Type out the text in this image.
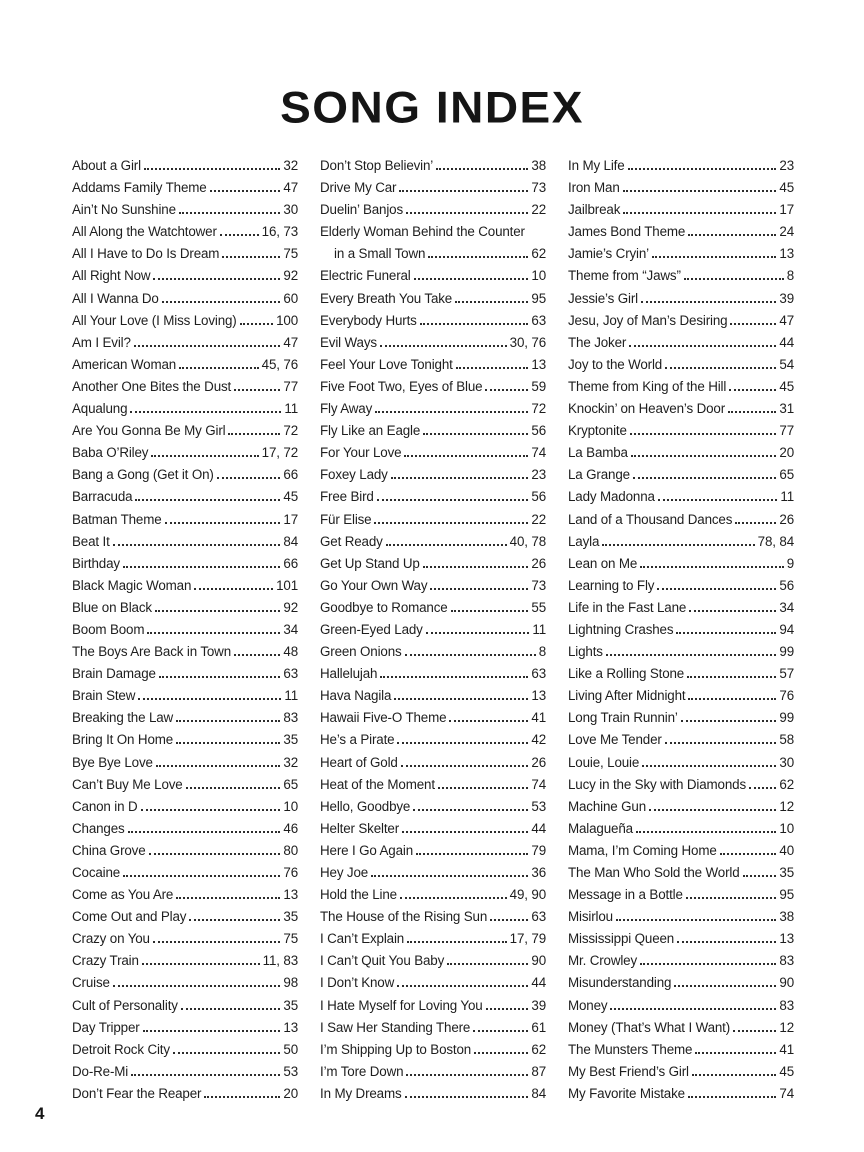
SONG INDEX
About a Girl	32
Addams Family Theme	47
Ain’t No Sunshine	30
All Along the Watchtower	16, 73
All I Have to Do Is Dream	75
All Right Now	92
All I Wanna Do	60
All Your Love (I Miss Loving)	100
Am I Evil?	47
American Woman	45, 76
Another One Bites the Dust	77
Aqualung	11
Are You Gonna Be My Girl	72
Baba O’Riley	17, 72
Bang a Gong (Get it On)	66
Barracuda	45
Batman Theme	17
Beat It	84
Birthday	66
Black Magic Woman	101
Blue on Black	92
Boom Boom	34
The Boys Are Back in Town	48
Brain Damage	63
Brain Stew	11
Breaking the Law	83
Bring It On Home	35
Bye Bye Love	32
Can’t Buy Me Love	65
Canon in D	10
Changes	46
China Grove	80
Cocaine	76
Come as You Are	13
Come Out and Play	35
Crazy on You	75
Crazy Train	11, 83
Cruise	98
Cult of Personality	35
Day Tripper	13
Detroit Rock City	50
Do-Re-Mi	53
Don’t Fear the Reaper	20
Don’t Stop Believin’	38
Drive My Car	73
Duelin’ Banjos	22
Elderly Woman Behind the Counter
in a Small Town	62
Electric Funeral	10
Every Breath You Take	95
Everybody Hurts	63
Evil Ways	30, 76
Feel Your Love Tonight	13
Five Foot Two, Eyes of Blue	59
Fly Away	72
Fly Like an Eagle	56
For Your Love	74
Foxey Lady	23
Free Bird	56
Für Elise	22
Get Ready	40, 78
Get Up Stand Up	26
Go Your Own Way	73
Goodbye to Romance	55
Green-Eyed Lady	11
Green Onions	8
Hallelujah	63
Hava Nagila	13
Hawaii Five-O Theme	41
He’s a Pirate	42
Heart of Gold	26
Heat of the Moment	74
Hello, Goodbye	53
Helter Skelter	44
Here I Go Again	79
Hey Joe	36
Hold the Line	49, 90
The House of the Rising Sun	63
I Can’t Explain	17, 79
I Can’t Quit You Baby	90
I Don’t Know	44
I Hate Myself for Loving You	39
I Saw Her Standing There	61
I’m Shipping Up to Boston	62
I’m Tore Down	87
In My Dreams	84
In My Life	23
Iron Man	45
Jailbreak	17
James Bond Theme	24
Jamie’s Cryin’	13
Theme from “Jaws”	8
Jessie’s Girl	39
Jesu, Joy of Man’s Desiring	47
The Joker	44
Joy to the World	54
Theme from King of the Hill	45
Knockin’ on Heaven’s Door	31
Kryptonite	77
La Bamba	20
La Grange	65
Lady Madonna	11
Land of a Thousand Dances	26
Layla	78, 84
Lean on Me	9
Learning to Fly	56
Life in the Fast Lane	34
Lightning Crashes	94
Lights	99
Like a Rolling Stone	57
Living After Midnight	76
Long Train Runnin’	99
Love Me Tender	58
Louie, Louie	30
Lucy in the Sky with Diamonds 62
Machine Gun	12
Malagueña	10
Mama, I’m Coming Home	40
The Man Who Sold the World	35
Message in a Bottle	95
Misirlou	38
Mississippi Queen	13
Mr. Crowley	83
Misunderstanding	90
Money	83
Money (That’s What I Want)	12
The Munsters Theme	41
My Best Friend’s Girl	45
My Favorite Mistake	74
4
